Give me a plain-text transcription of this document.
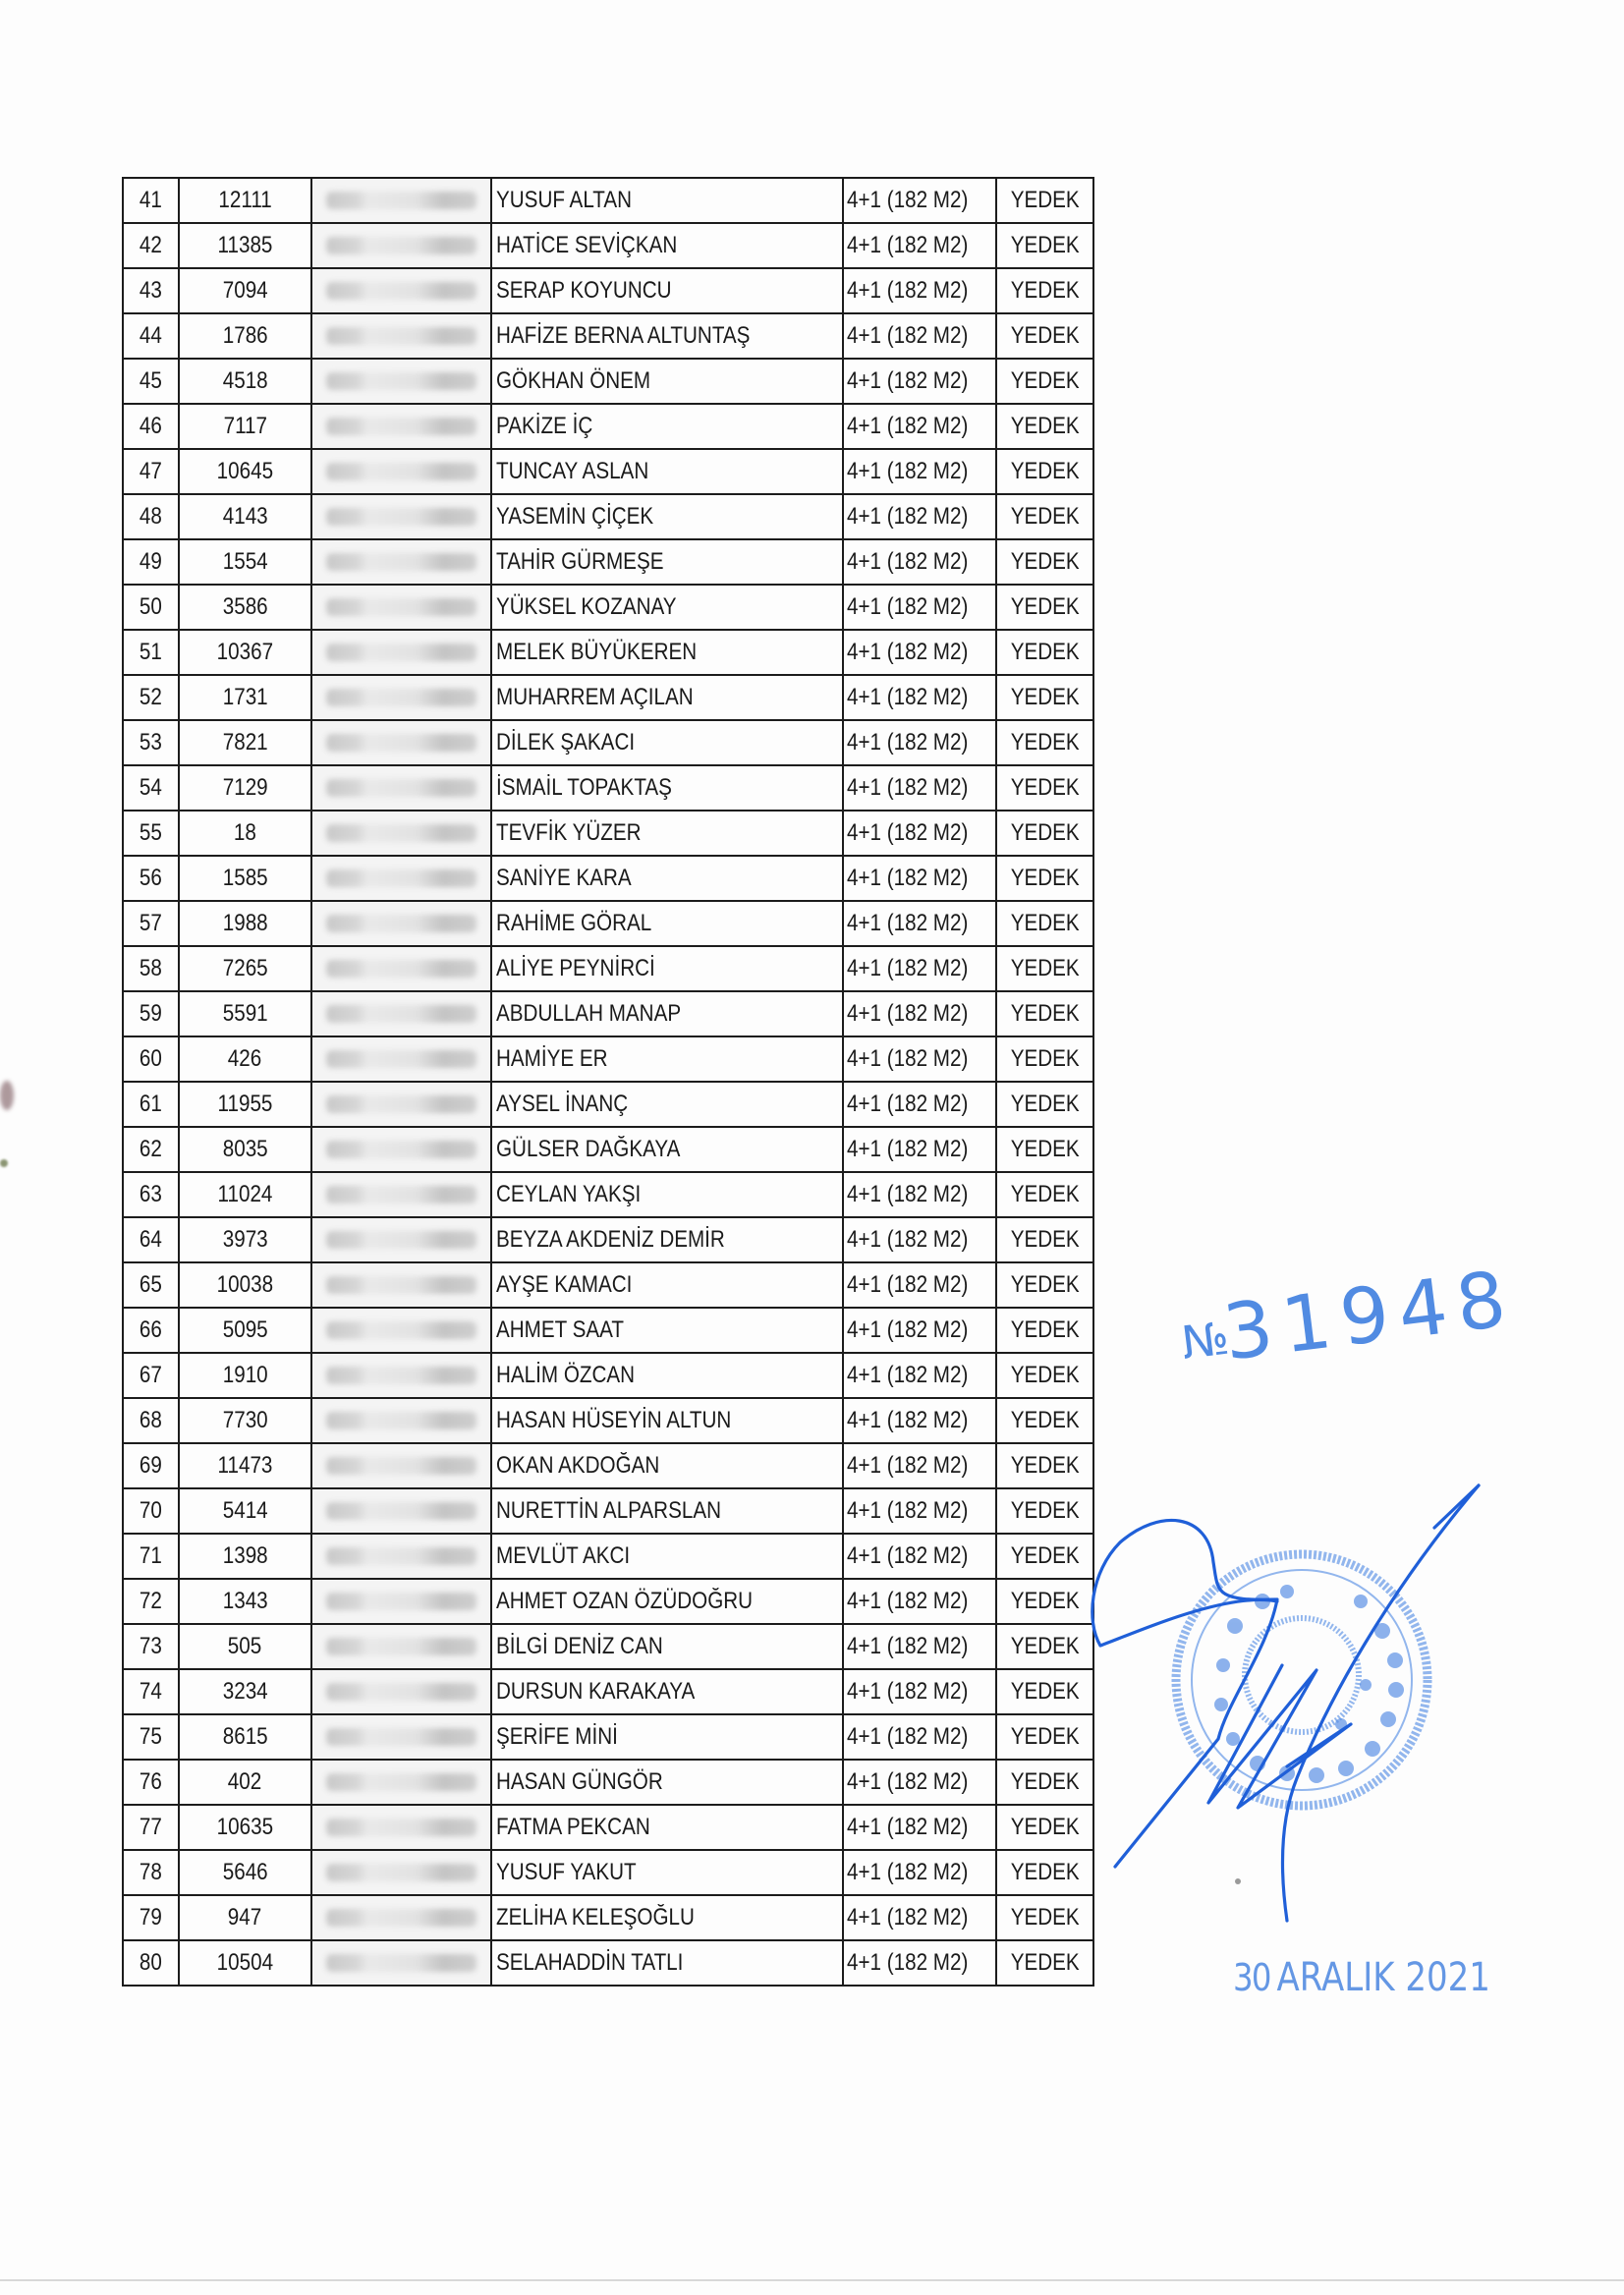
41	12111		YUSUF ALTAN	4+1 (182 M2)	YEDEK
42	11385		HATİCE SEVİÇKAN	4+1 (182 M2)	YEDEK
43	7094		SERAP KOYUNCU	4+1 (182 M2)	YEDEK
44	1786		HAFİZE BERNA ALTUNTAŞ	4+1 (182 M2)	YEDEK
45	4518		GÖKHAN ÖNEM	4+1 (182 M2)	YEDEK
46	7117		PAKİZE İÇ	4+1 (182 M2)	YEDEK
47	10645		TUNCAY ASLAN	4+1 (182 M2)	YEDEK
48	4143		YASEMİN ÇİÇEK	4+1 (182 M2)	YEDEK
49	1554		TAHİR GÜRMEŞE	4+1 (182 M2)	YEDEK
50	3586		YÜKSEL KOZANAY	4+1 (182 M2)	YEDEK
51	10367		MELEK BÜYÜKEREN	4+1 (182 M2)	YEDEK
52	1731		MUHARREM AÇILAN	4+1 (182 M2)	YEDEK
53	7821		DİLEK ŞAKACI	4+1 (182 M2)	YEDEK
54	7129		İSMAİL TOPAKTAŞ	4+1 (182 M2)	YEDEK
55	18		TEVFİK YÜZER	4+1 (182 M2)	YEDEK
56	1585		SANİYE KARA	4+1 (182 M2)	YEDEK
57	1988		RAHİME GÖRAL	4+1 (182 M2)	YEDEK
58	7265		ALİYE PEYNİRCİ	4+1 (182 M2)	YEDEK
59	5591		ABDULLAH MANAP	4+1 (182 M2)	YEDEK
60	426		HAMİYE ER	4+1 (182 M2)	YEDEK
61	11955		AYSEL İNANÇ	4+1 (182 M2)	YEDEK
62	8035		GÜLSER DAĞKAYA	4+1 (182 M2)	YEDEK
63	11024		CEYLAN YAKŞI	4+1 (182 M2)	YEDEK
64	3973		BEYZA AKDENİZ DEMİR	4+1 (182 M2)	YEDEK
65	10038		AYŞE KAMACI	4+1 (182 M2)	YEDEK
66	5095		AHMET SAAT	4+1 (182 M2)	YEDEK
67	1910		HALİM ÖZCAN	4+1 (182 M2)	YEDEK
68	7730		HASAN HÜSEYİN ALTUN	4+1 (182 M2)	YEDEK
69	11473		OKAN AKDOĞAN	4+1 (182 M2)	YEDEK
70	5414		NURETTİN ALPARSLAN	4+1 (182 M2)	YEDEK
71	1398		MEVLÜT AKCI	4+1 (182 M2)	YEDEK
72	1343		AHMET OZAN ÖZÜDOĞRU	4+1 (182 M2)	YEDEK
73	505		BİLGİ DENİZ CAN	4+1 (182 M2)	YEDEK
74	3234		DURSUN KARAKAYA	4+1 (182 M2)	YEDEK
75	8615		ŞERİFE MİNİ	4+1 (182 M2)	YEDEK
76	402		HASAN GÜNGÖR	4+1 (182 M2)	YEDEK
77	10635		FATMA PEKCAN	4+1 (182 M2)	YEDEK
78	5646		YUSUF YAKUT	4+1 (182 M2)	YEDEK
79	947		ZELİHA KELEŞOĞLU	4+1 (182 M2)	YEDEK
80	10504		SELAHADDİN TATLI	4+1 (182 M2)	YEDEK
№31948
30 ARALIK 2021
